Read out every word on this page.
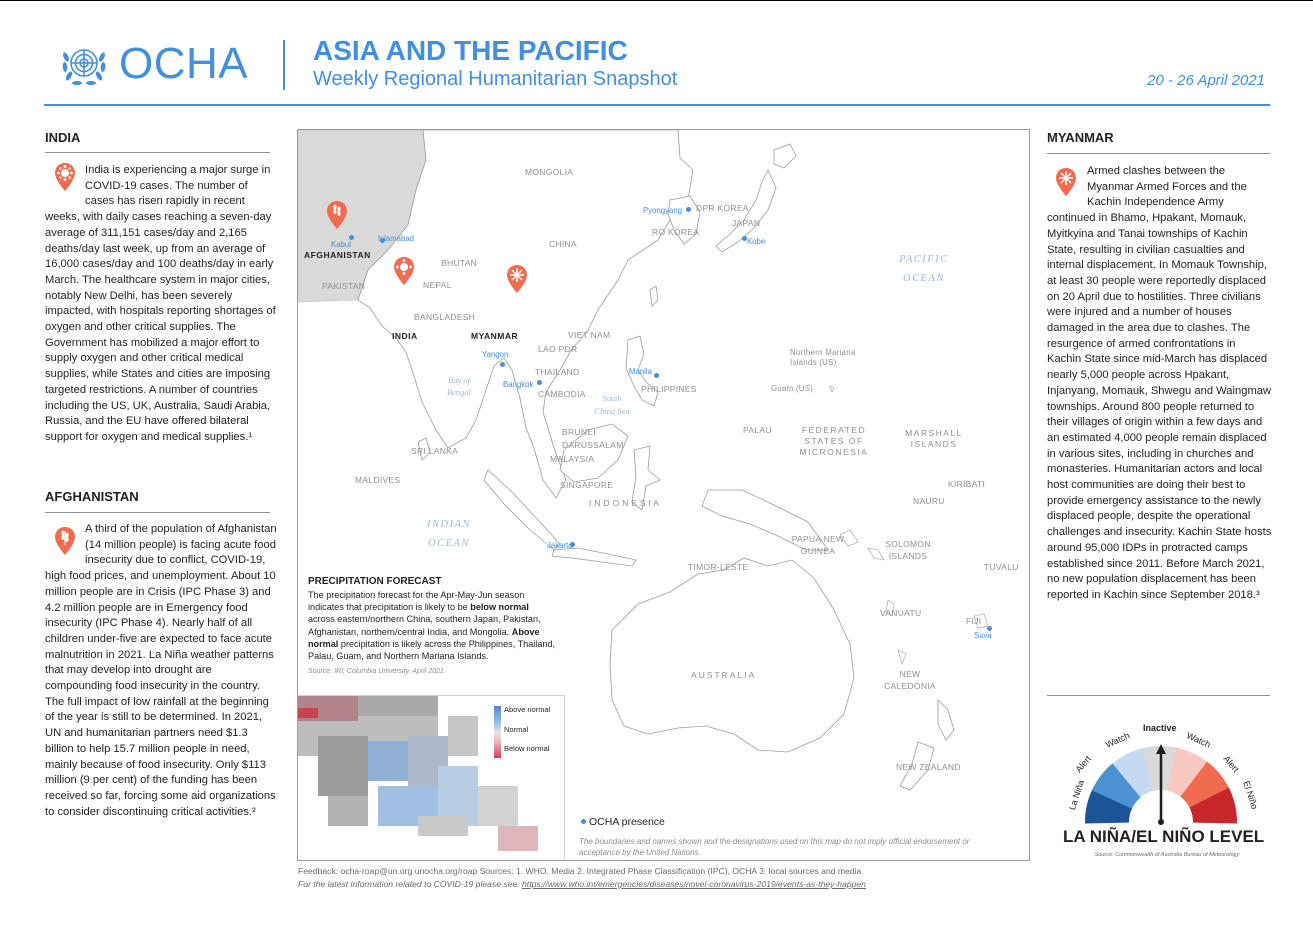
OCHA ASIA AND THE PACIFIC
Weekly Regional Humanitarian Snapshot	20 - 26 April 2021
INDIA
India is experiencing a major surge in COVID-19 cases. The number of cases has risen rapidly in recent weeks, with daily cases reaching a seven-day average of 311,151 cases/day and 2,165 deaths/day last week, up from an average of 16,000 cases/day and 100 deaths/day in early March. The healthcare system in major cities, notably New Delhi, has been severely impacted, with hospitals reporting shortages of oxygen and other critical supplies. The Government has mobilized a major effort to supply oxygen and other critical medical supplies, while States and cities are imposing targeted restrictions. A number of countries including the US, UK, Australia, Saudi Arabia, Russia, and the EU have offered bilateral support for oxygen and medical supplies.¹
AFGHANISTAN
A third of the population of Afghanistan (14 million people) is facing acute food insecurity due to conflict, COVID-19, high food prices, and unemployment. About 10 million people are in Crisis (IPC Phase 3) and 4.2 million people are in Emergency food insecurity (IPC Phase 4). Nearly half of all children under-five are expected to face acute malnutrition in 2021. La Niña weather patterns that may develop into drought are compounding food insecurity in the country. The full impact of low rainfall at the beginning of the year is still to be determined. In 2021, UN and humanitarian partners need $1.3 billion to help 15.7 million people in need, mainly because of food insecurity. Only $113 million (9 per cent) of the funding has been received so far, forcing some aid organizations to consider discontinuing critical activities.²
MONGOLIA
CHINA
DPR KOREA
RO KOREA
JAPAN
AFGHANISTAN
PAKISTAN	NEPAL
BHUTAN
BANGLADESH
INDIA	MYANMAR	VIET NAM
LAO PDR
THAILAND
CAMBODIA	PHILIPPINES
SRI LANKA
MALDIVES
BRUNEI DARUSSALAM
MALAYSIA
SINGAPORE
I N D O N E S I A
TIMOR-LESTE
PAPUA NEW GUINEA
SOLOMON ISLANDS
PALAU	FEDERATED STATES OF MICRONESIA
MARSHALL ISLANDS
KIRIBATI
NAURU
TUVALU
VANUATU
FIJI
NEW CALEDONIA
AUSTRALIA
NEW ZEALAND
Northern Mariana Islands (US)
Guam (US)
PACIFIC OCEAN
INDIAN OCEAN
Bay of Bengal
South China Sea
Kabul
Islamabad
Pyongyang
Kobe
Yangon
Bangkok
Manila
Jakarta
Suva
PRECIPITATION FORECAST
The precipitation forecast for the Apr-May-Jun season indicates that precipitation is likely to be below normal across eastern/northern China, southern Japan, Pakistan, Afghanistan, northern/central India, and Mongolia. Above normal precipitation is likely across the Philippines, Thailand, Palau, Guam, and Northern Mariana Islands.
Source: IRI, Columbia University. April 2021
Above normal
Normal
Below normal
OCHA presence
The boundaries and names shown and the designations used on this map do not imply official endorsement or acceptance by the United Nations.
MYANMAR
Armed clashes between the Myanmar Armed Forces and the Kachin Independence Army continued in Bhamo, Hpakant, Momauk, Myitkyina and Tanai townships of Kachin State, resulting in civilian casualties and internal displacement. In Momauk Township, at least 30 people were reportedly displaced on 20 April due to hostilities. Three civilians were injured and a number of houses damaged in the area due to clashes. The resurgence of armed confrontations in Kachin State since mid-March has displaced nearly 5,000 people across Hpakant, Injanyang, Momauk, Shwegu and Waingmaw townships. Around 800 people returned to their villages of origin within a few days and an estimated 4,000 people remain displaced in various sites, including in churches and monasteries. Humanitarian actors and local host communities are doing their best to provide emergency assistance to the newly displaced people, despite the operational challenges and insecurity. Kachin State hosts around 95,000 IDPs in protracted camps established since 2011. Before March 2021, no new population displacement has been reported in Kachin since September 2018.³
La Niña
Alert
Watch
Inactive
Watch
Alert
El Niño
LA NIÑA/EL NIÑO LEVEL
Source: Commonwealth of Australia Bureau of Meteorology
Feedback: ocha-roap@un.org unocha.org/roap Sources: 1. WHO, Media 2. Integrated Phase Classification (IPC), OCHA 3. local sources and media
For the latest information related to COVID-19 please see: https://www.who.int/emergencies/diseases/novel-coronavirus-2019/events-as-they-happen
